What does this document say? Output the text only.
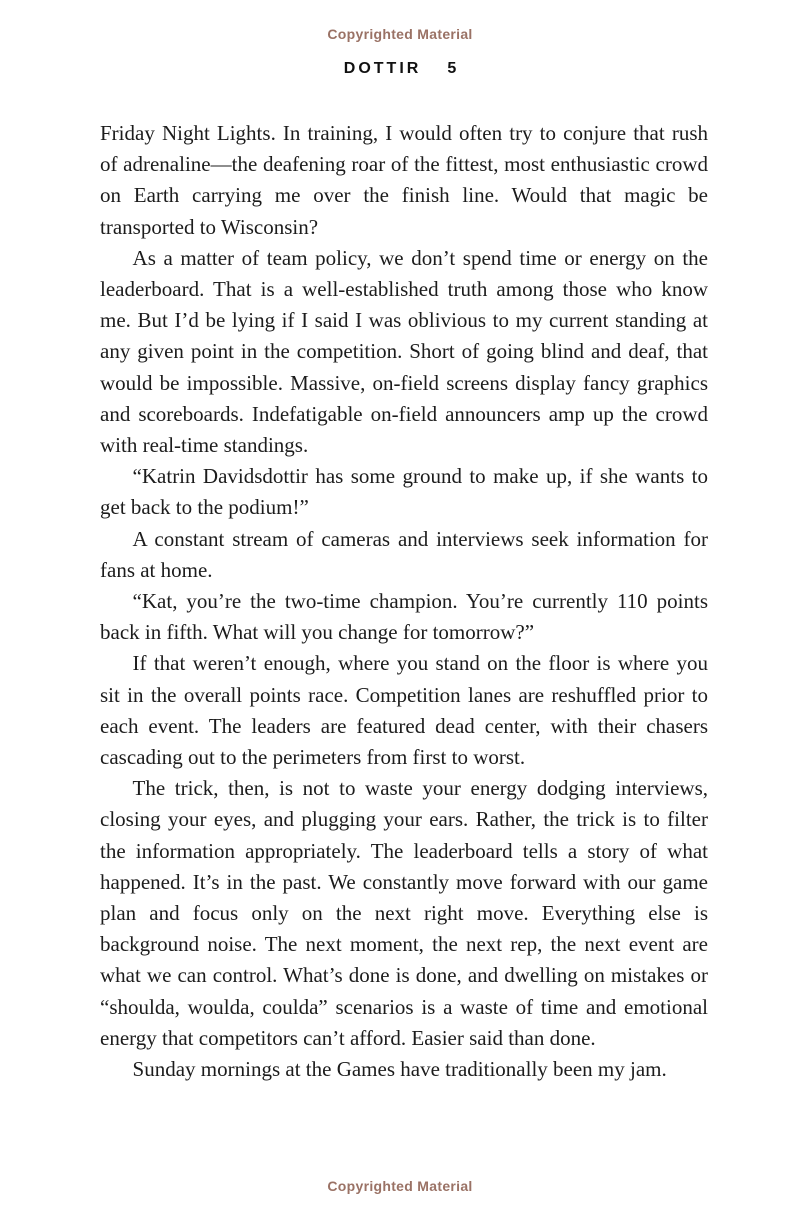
Copyrighted Material
DOTTIR 5

Friday Night Lights. In training, I would often try to conjure that rush of adrenaline—the deafening roar of the fittest, most enthusiastic crowd on Earth carrying me over the finish line. Would that magic be transported to Wisconsin?

As a matter of team policy, we don’t spend time or energy on the leaderboard. That is a well-established truth among those who know me. But I’d be lying if I said I was oblivious to my current standing at any given point in the competition. Short of going blind and deaf, that would be impossible. Massive, on-field screens display fancy graphics and scoreboards. Indefatigable on-field announcers amp up the crowd with real-time standings.

“Katrin Davidsdottir has some ground to make up, if she wants to get back to the podium!”

A constant stream of cameras and interviews seek information for fans at home.

“Kat, you’re the two-time champion. You’re currently 110 points back in fifth. What will you change for tomorrow?”

If that weren’t enough, where you stand on the floor is where you sit in the overall points race. Competition lanes are reshuffled prior to each event. The leaders are featured dead center, with their chasers cascading out to the perimeters from first to worst.

The trick, then, is not to waste your energy dodging interviews, closing your eyes, and plugging your ears. Rather, the trick is to filter the information appropriately. The leaderboard tells a story of what happened. It’s in the past. We constantly move forward with our game plan and focus only on the next right move. Everything else is background noise. The next moment, the next rep, the next event are what we can control. What’s done is done, and dwelling on mistakes or “shoulda, woulda, coulda” scenarios is a waste of time and emotional energy that competitors can’t afford. Easier said than done.

Sunday mornings at the Games have traditionally been my jam.

Copyrighted Material
